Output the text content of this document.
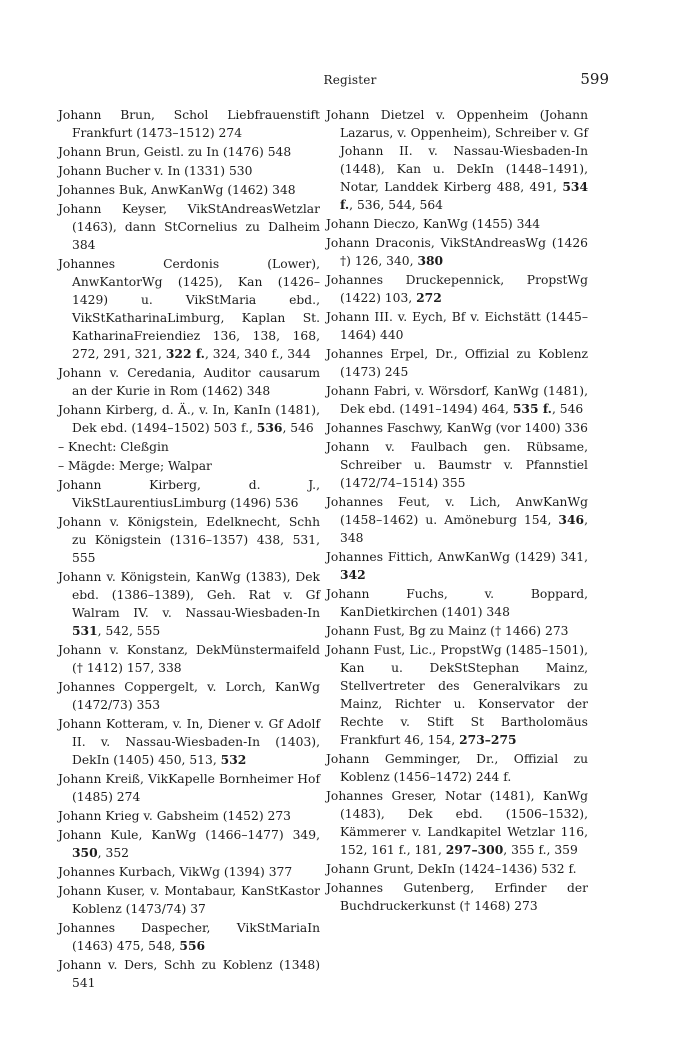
Register	599
Johann Brun, Schol Liebfrauenstift Frankfurt (1473–1512) 274
Johann Brun, Geistl. zu In (1476) 548
Johann Bucher v. In (1331) 530
Johannes Buk, AnwKanWg (1462) 348
Johann Keyser, VikStAndreasWetzlar (1463), dann StCornelius zu Dalheim 384
Johannes Cerdonis (Lower), AnwKantorWg (1425), Kan (1426–1429) u. VikStMaria ebd., VikStKatharinaLimburg, Kaplan St. KatharinaFreiendiez 136, 138, 168, 272, 291, 321, 322 f., 324, 340 f., 344
Johann v. Ceredania, Auditor causarum an der Kurie in Rom (1462) 348
Johann Kirberg, d. Ä., v. In, KanIn (1481), Dek ebd. (1494–1502) 503 f., 536, 546
– Knecht: Cleßgin
– Mägde: Merge; Walpar
Johann Kirberg, d. J., VikStLaurentiusLimburg (1496) 536
Johann v. Königstein, Edelknecht, Schh zu Königstein (1316–1357) 438, 531, 555
Johann v. Königstein, KanWg (1383), Dek ebd. (1386–1389), Geh. Rat v. Gf Walram IV. v. Nassau-Wiesbaden-In 531, 542, 555
Johann v. Konstanz, DekMünstermaifeld († 1412) 157, 338
Johannes Coppergelt, v. Lorch, KanWg (1472/73) 353
Johann Kotteram, v. In, Diener v. Gf Adolf II. v. Nassau-Wiesbaden-In (1403), DekIn (1405) 450, 513, 532
Johann Kreiß, VikKapelle Bornheimer Hof (1485) 274
Johann Krieg v. Gabsheim (1452) 273
Johann Kule, KanWg (1466–1477) 349, 350, 352
Johannes Kurbach, VikWg (1394) 377
Johann Kuser, v. Montabaur, KanStKastor Koblenz (1473/74) 37
Johannes Daspecher, VikStMariaIn (1463) 475, 548, 556
Johann v. Ders, Schh zu Koblenz (1348) 541
Johann Dietzel v. Oppenheim (Johann Lazarus, v. Oppenheim), Schreiber v. Gf Johann II. v. Nassau-Wiesbaden-In (1448), Kan u. DekIn (1448–1491), Notar, Landdek Kirberg 488, 491, 534 f., 536, 544, 564
Johann Dieczo, KanWg (1455) 344
Johann Draconis, VikStAndreasWg (1426 †) 126, 340, 380
Johannes Druckepennick, PropstWg (1422) 103, 272
Johann III. v. Eych, Bf v. Eichstätt (1445–1464) 440
Johannes Erpel, Dr., Offizial zu Koblenz (1473) 245
Johann Fabri, v. Wörsdorf, KanWg (1481), Dek ebd. (1491–1494) 464, 535 f., 546
Johannes Faschwy, KanWg (vor 1400) 336
Johann v. Faulbach gen. Rübsame, Schreiber u. Baumstr v. Pfannstiel (1472/74–1514) 355
Johannes Feut, v. Lich, AnwKanWg (1458–1462) u. Amöneburg 154, 346, 348
Johannes Fittich, AnwKanWg (1429) 341, 342
Johann Fuchs, v. Boppard, KanDietkirchen (1401) 348
Johann Fust, Bg zu Mainz († 1466) 273
Johann Fust, Lic., PropstWg (1485–1501), Kan u. DekStStephan Mainz, Stellvertreter des Generalvikars zu Mainz, Richter u. Konservator der Rechte v. Stift St Bartholomäus Frankfurt 46, 154, 273–275
Johann Gemminger, Dr., Offizial zu Koblenz (1456–1472) 244 f.
Johannes Greser, Notar (1481), KanWg (1483), Dek ebd. (1506–1532), Kämmerer v. Landkapitel Wetzlar 116, 152, 161 f., 181, 297–300, 355 f., 359
Johann Grunt, DekIn (1424–1436) 532 f.
Johannes Gutenberg, Erfinder der Buchdruckerkunst († 1468) 273
